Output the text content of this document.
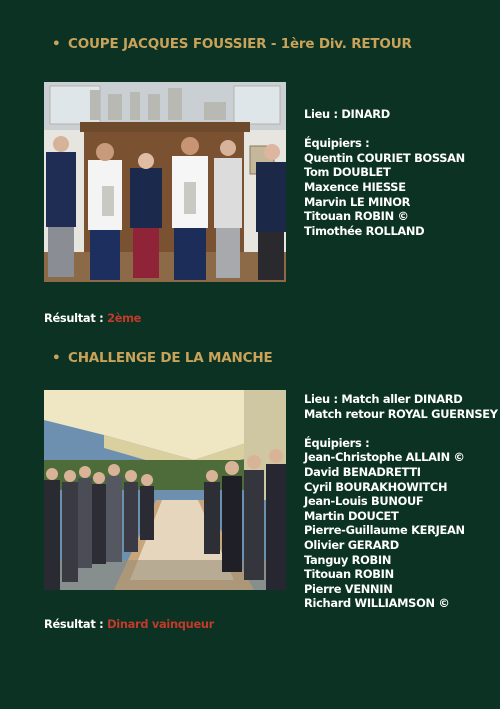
• COUPE JACQUES FOUSSIER - 1ère Div. RETOUR
Lieu : DINARD
Équipiers :
Quentin COURIET BOSSAN
Tom DOUBLET
Maxence HIESSE
Marvin LE MINOR
Titouan ROBIN ©
Timothée ROLLAND
Résultat : 2ème
• CHALLENGE DE LA MANCHE
Lieu : Match aller DINARD
Match retour ROYAL GUERNSEY
Équipiers :
Jean-Christophe ALLAIN ©
David BENADRETTI
Cyril BOURAKHOWITCH
Jean-Louis BUNOUF
Martin DOUCET
Pierre-Guillaume KERJEAN
Olivier GERARD
Tanguy ROBIN
Titouan ROBIN
Pierre VENNIN
Richard WILLIAMSON ©
Résultat : Dinard vainqueur
